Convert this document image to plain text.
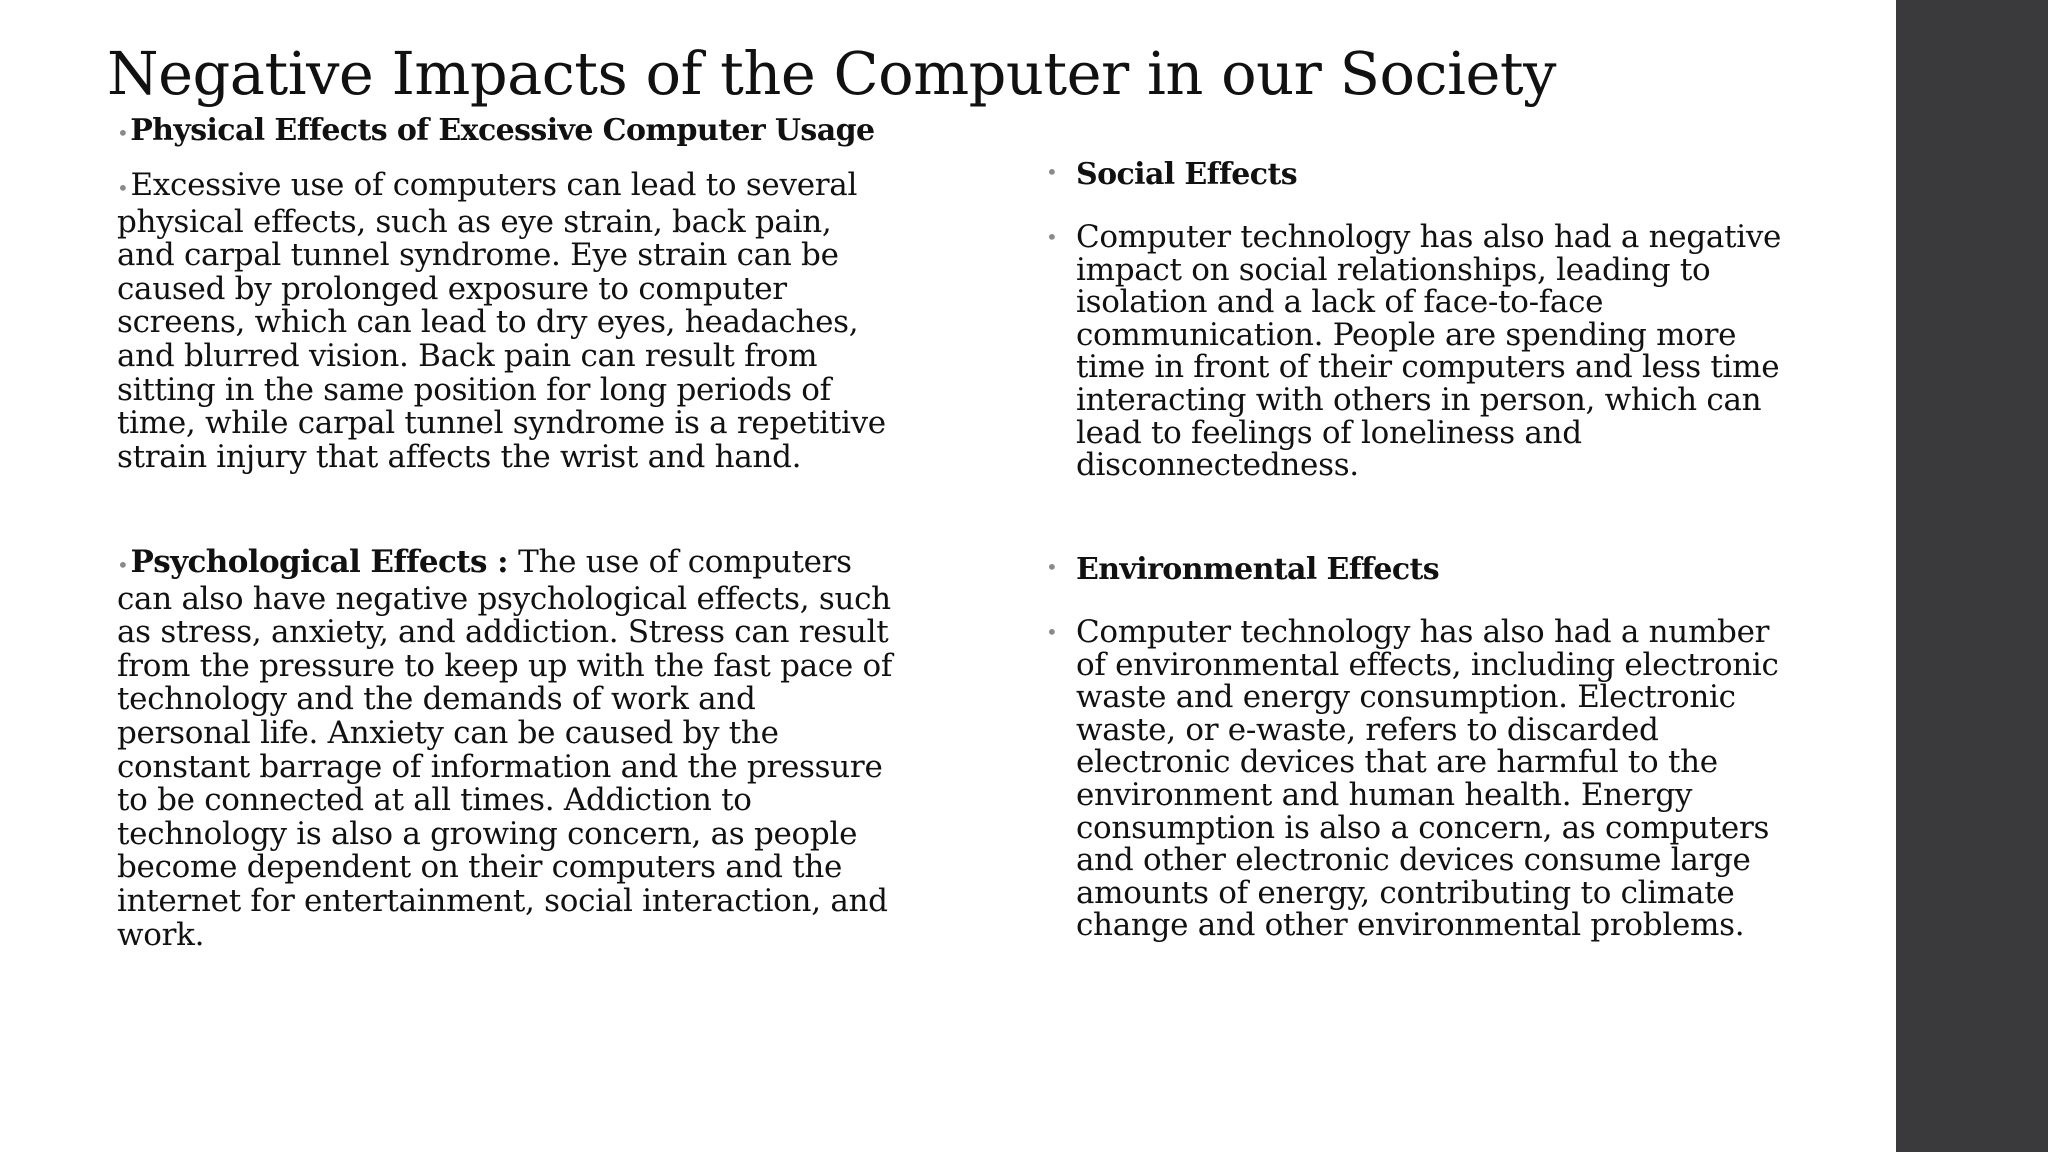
Negative Impacts of the Computer in our Society
•Physical Effects of Excessive Computer Usage

•Excessive use of computers can lead to several physical effects, such as eye strain, back pain, and carpal tunnel syndrome. Eye strain can be caused by prolonged exposure to computer screens, which can lead to dry eyes, headaches, and blurred vision. Back pain can result from sitting in the same position for long periods of time, while carpal tunnel syndrome is a repetitive strain injury that affects the wrist and hand.

•Psychological Effects : The use of computers can also have negative psychological effects, such as stress, anxiety, and addiction. Stress can result from the pressure to keep up with the fast pace of technology and the demands of work and personal life. Anxiety can be caused by the constant barrage of information and the pressure to be connected at all times. Addiction to technology is also a growing concern, as people become dependent on their computers and the internet for entertainment, social interaction, and work.

• Social Effects
• Computer technology has also had a negative impact on social relationships, leading to isolation and a lack of face-to-face communication. People are spending more time in front of their computers and less time interacting with others in person, which can lead to feelings of loneliness and disconnectedness.

• Environmental Effects
• Computer technology has also had a number of environmental effects, including electronic waste and energy consumption. Electronic waste, or e-waste, refers to discarded electronic devices that are harmful to the environment and human health. Energy consumption is also a concern, as computers and other electronic devices consume large amounts of energy, contributing to climate change and other environmental problems.
